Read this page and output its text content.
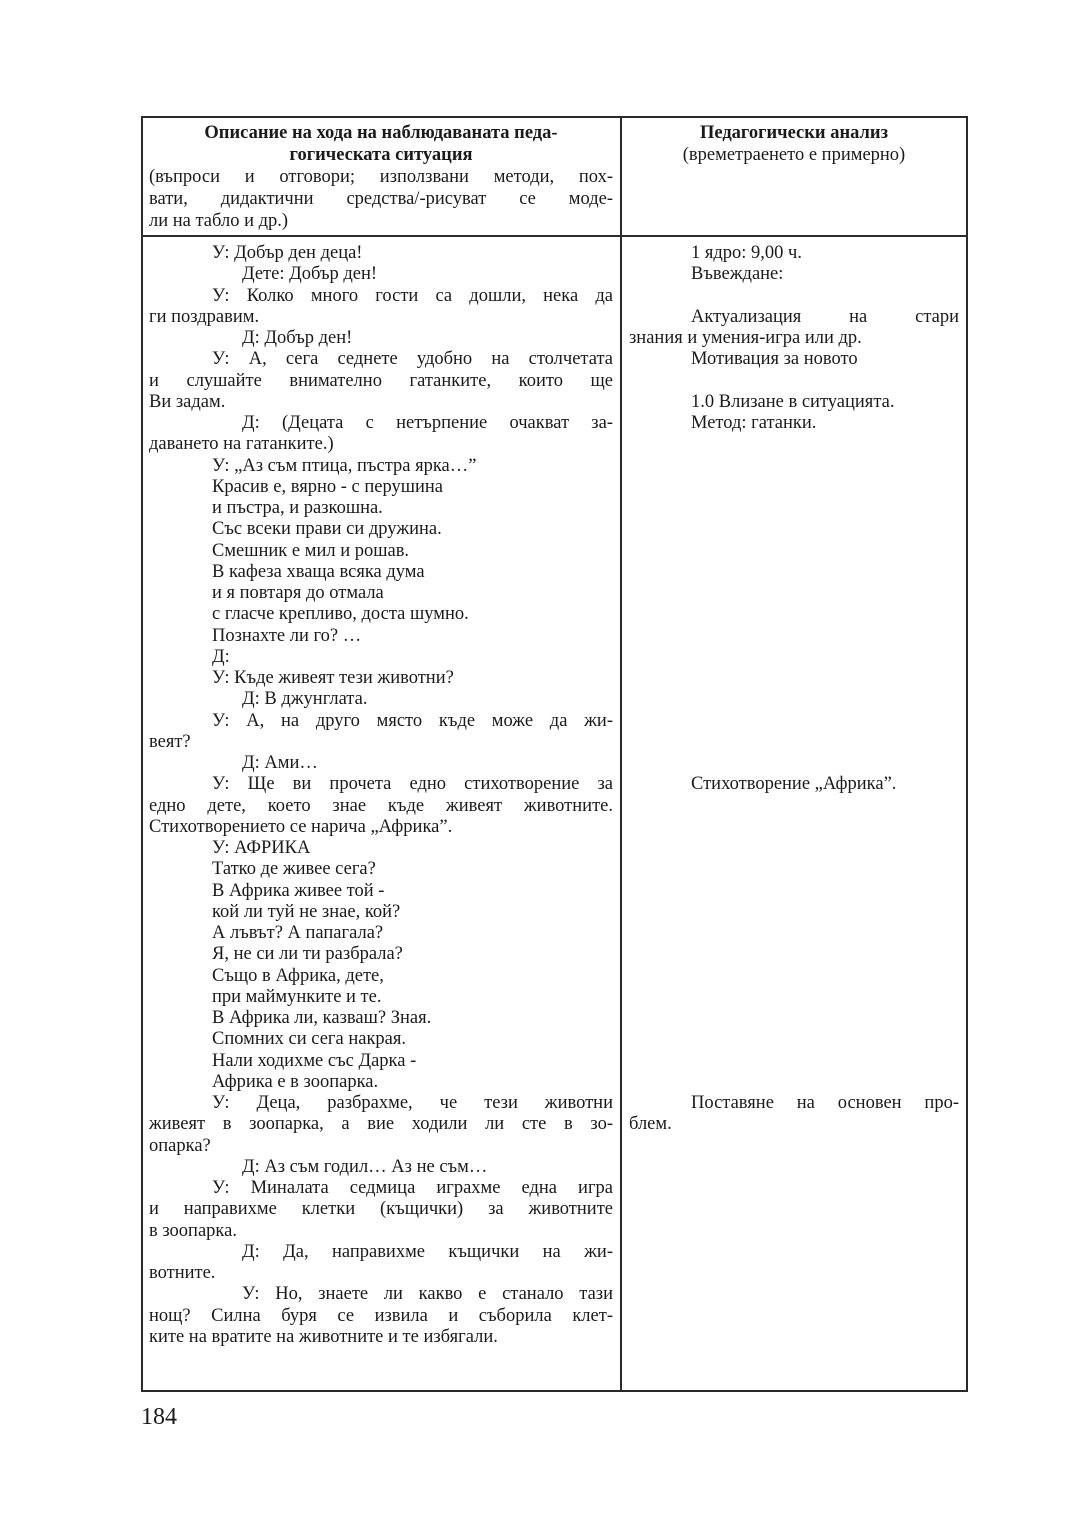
Описание на хода на наблюдаваната педа-
гогическата ситуация
(въпроси и отговори; използвани методи, пох-
вати, дидактични средства/-рисуват се моде-
ли на табло и др.)
Педагогически анализ
(времетраенето е примерно)
У: Добър ден деца!
Дете: Добър ден!
У: Колко много гости са дошли, нека да
ги поздравим.
Д: Добър ден!
У: А, сега седнете удобно на столчетата
и слушайте внимателно гатанките, които ще
Ви задам.
Д: (Децата с нетърпение очакват за-
даването на гатанките.)
У: „Аз съм птица, пъстра ярка…”
Красив е, вярно - с перушина
и пъстра, и разкошна.
Със всеки прави си дружина.
Смешник е мил и рошав.
В кафеза хваща всяка дума
и я повтаря до отмала
с гласче крепливо, доста шумно.
Познахте ли го? …
Д:
У: Къде живеят тези животни?
Д: В джунглата.
У: А, на друго място къде може да жи-
веят?
Д: Ами…
У: Ще ви прочета едно стихотворение за
едно дете, което знае къде живеят животните.
Стихотворението се нарича „Африка”.
У: АФРИКА
Татко де живее сега?
В Африка живее той -
кой ли туй не знае, кой?
А лъвът? А папагала?
Я, не си ли ти разбрала?
Също в Африка, дете,
при маймунките и те.
В Африка ли, казваш? Зная.
Спомних си сега накрая.
Нали ходихме със Дарка -
Африка е в зоопарка.
У: Деца, разбрахме, че тези животни
живеят в зоопарка, а вие ходили ли сте в зо-
опарка?
Д: Аз съм годил… Аз не съм…
У: Миналата седмица играхме една игра
и направихме клетки (къщички) за животните
в зоопарка.
Д: Да, направихме къщички на жи-
вотните.
У: Но, знаете ли какво е станало тази
нощ? Силна буря се извила и съборила клет-
ките на вратите на животните и те избягали.
1 ядро: 9,00 ч.
Въвеждане:
Актуализация на стари
знания и умения-игра или др.
Мотивация за новото
1.0 Влизане в ситуацията.
Метод: гатанки.
Стихотворение „Африка”.
Поставяне на основен про-
блем.
184
